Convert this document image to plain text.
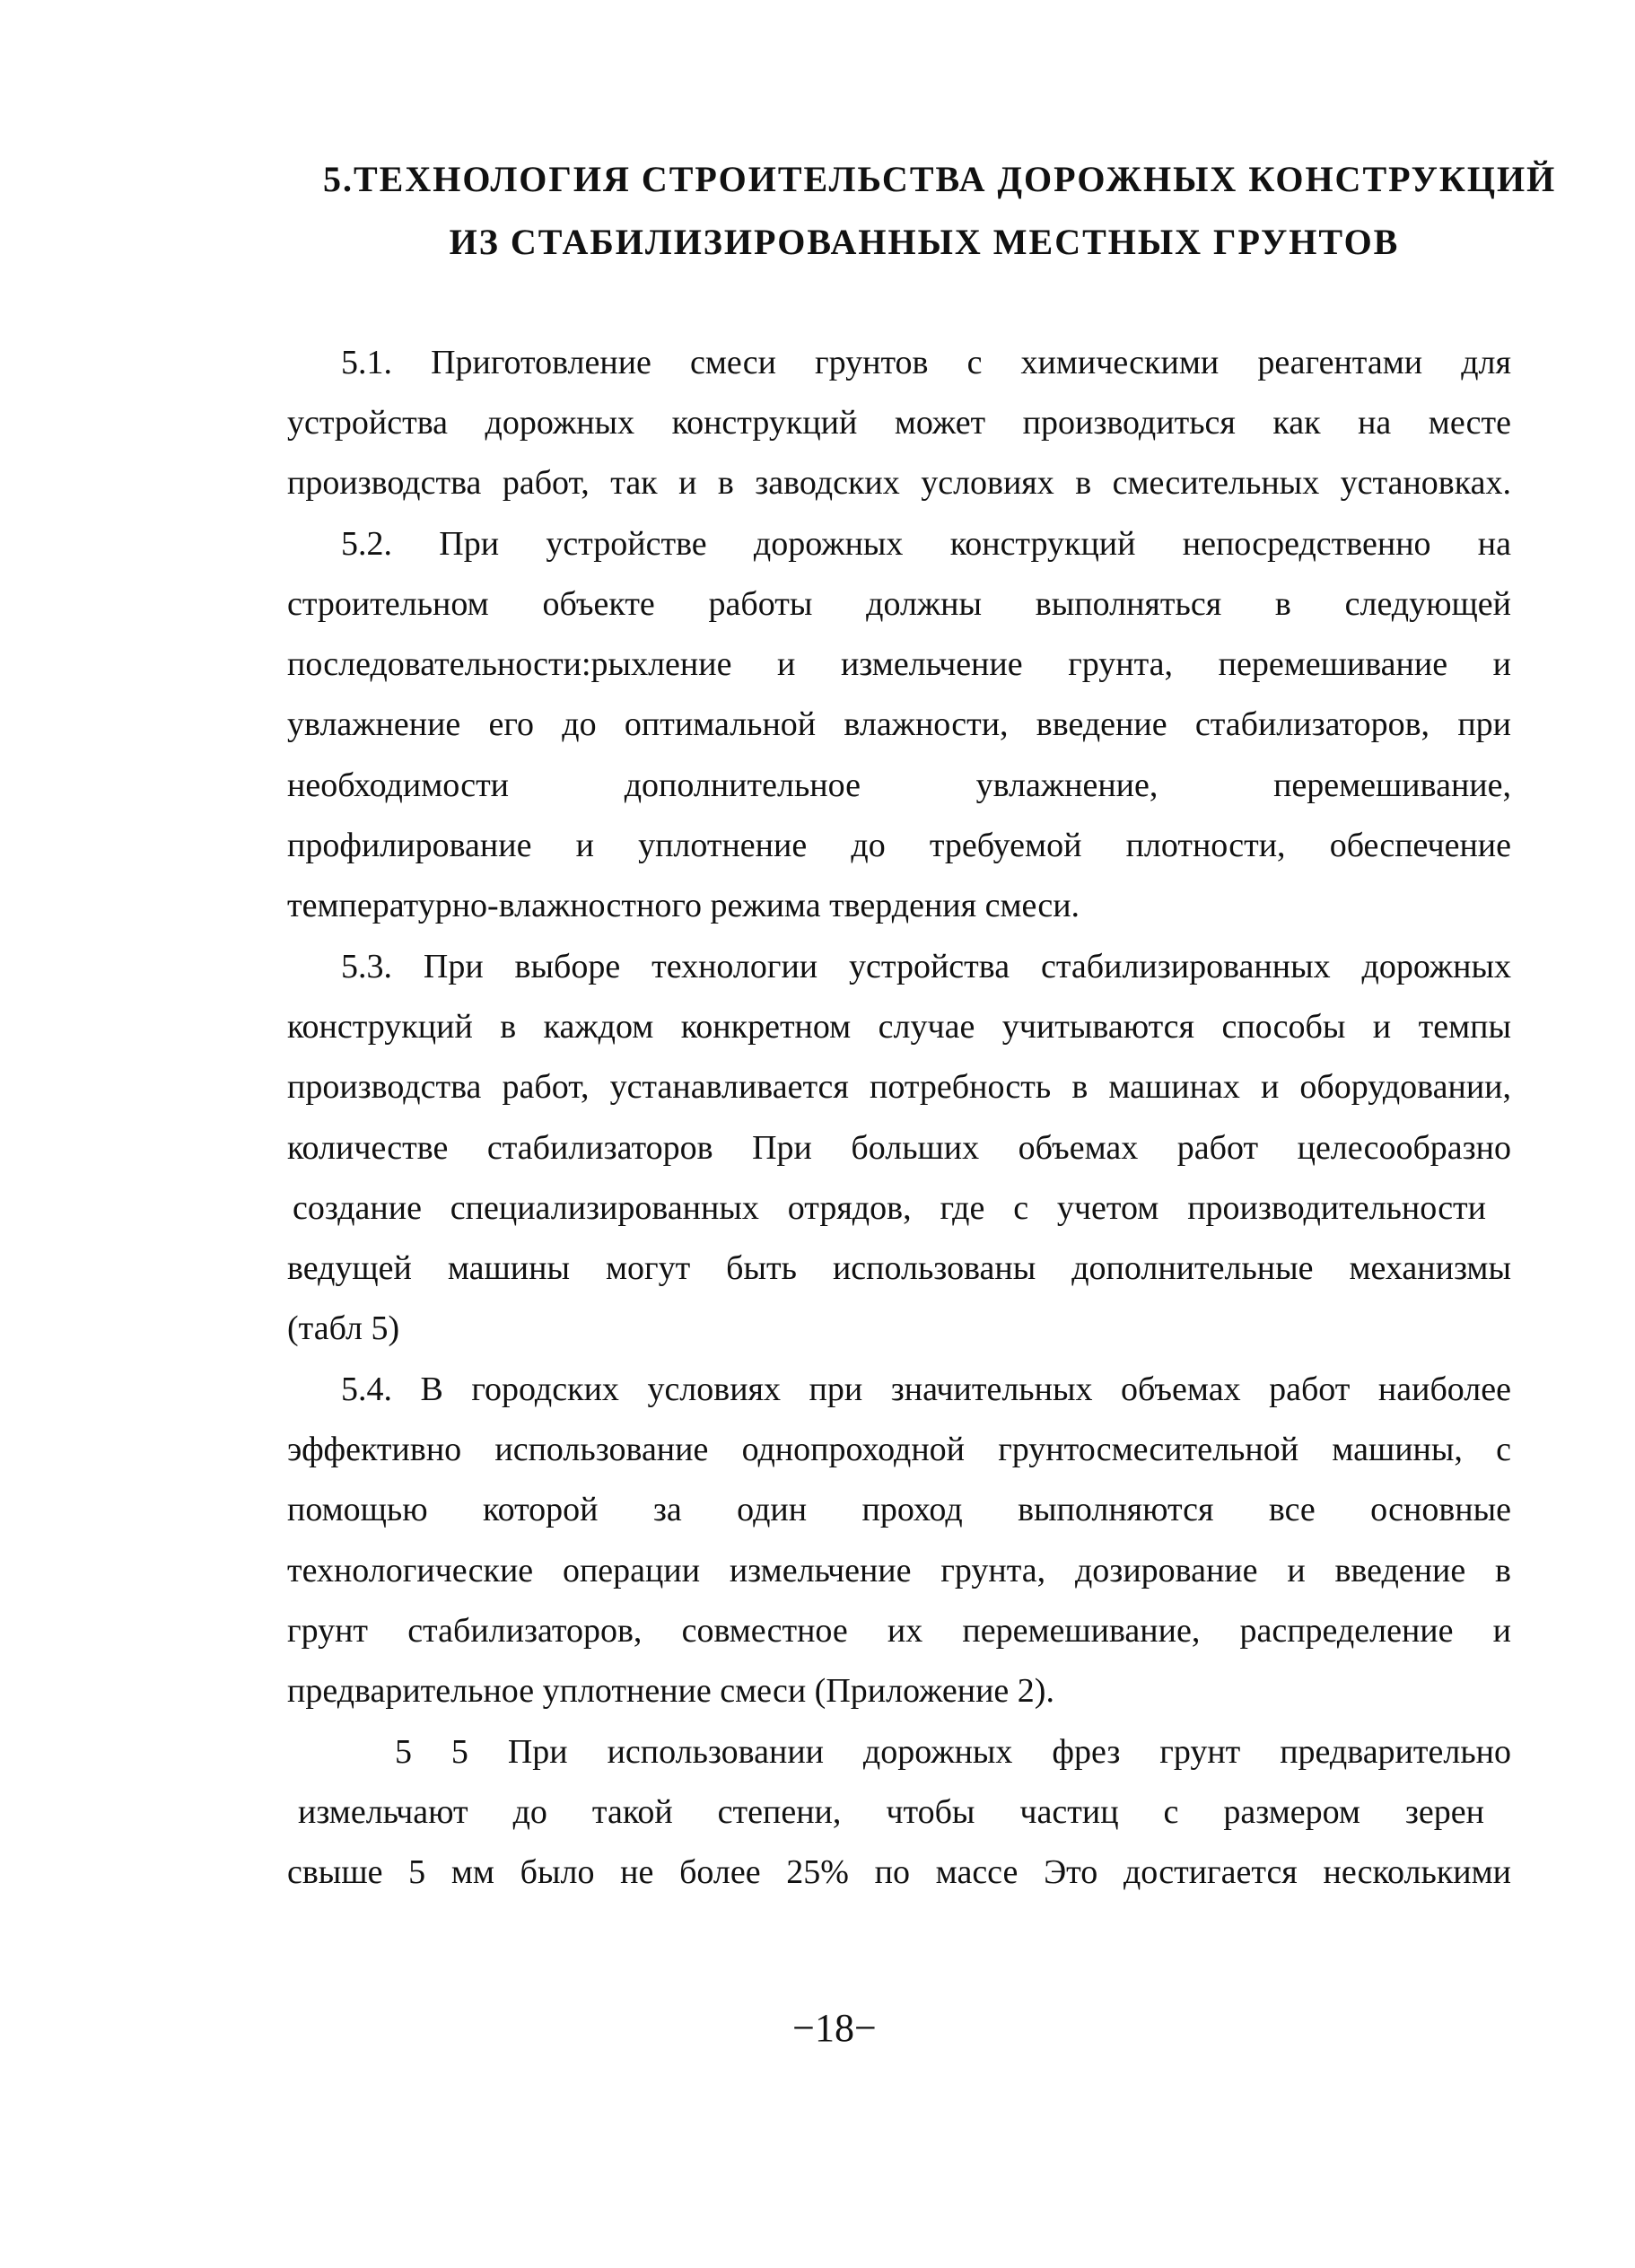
5.ТЕХНОЛОГИЯ СТРОИТЕЛЬСТВА ДОРОЖНЫХ КОНСТРУКЦИЙ
ИЗ СТАБИЛИЗИРОВАННЫХ МЕСТНЫХ ГРУНТОВ
5.1. Приготовление смеси грунтов с химическими реагентами для
устройства дорожных конструкций может производиться как на месте
производства работ, так и в заводских условиях в смесительных установках.
5.2. При устройстве дорожных конструкций непосредственно на
строительном объекте работы должны выполняться в следующей
последовательности:рыхление и измельчение грунта, перемешивание и
увлажнение его до оптимальной влажности, введение стабилизаторов, при
необходимости дополнительное увлажнение, перемешивание,
профилирование и уплотнение до требуемой плотности, обеспечение
температурно-влажностного режима твердения смеси.
5.3. При выборе технологии устройства стабилизированных дорожных
конструкций в каждом конкретном случае учитываются способы и темпы
производства работ, устанавливается потребность в машинах и оборудовании,
количестве стабилизаторов При больших объемах работ целесообразно
создание специализированных отрядов, где с учетом производительности
ведущей машины могут быть использованы дополнительные механизмы
(табл 5)
5.4. В городских условиях при значительных объемах работ наиболее
эффективно использование однопроходной грунтосмесительной машины, с
помощью которой за один проход выполняются все основные
технологические операции измельчение грунта, дозирование и введение в
грунт стабилизаторов, совместное их перемешивание, распределение и
предварительное уплотнение смеси (Приложение 2).
5 5 При использовании дорожных фрез грунт предварительно
измельчают до такой степени, чтобы частиц с размером зерен
свыше 5 мм было не более 25% по массе Это достигается несколькими
−18−
